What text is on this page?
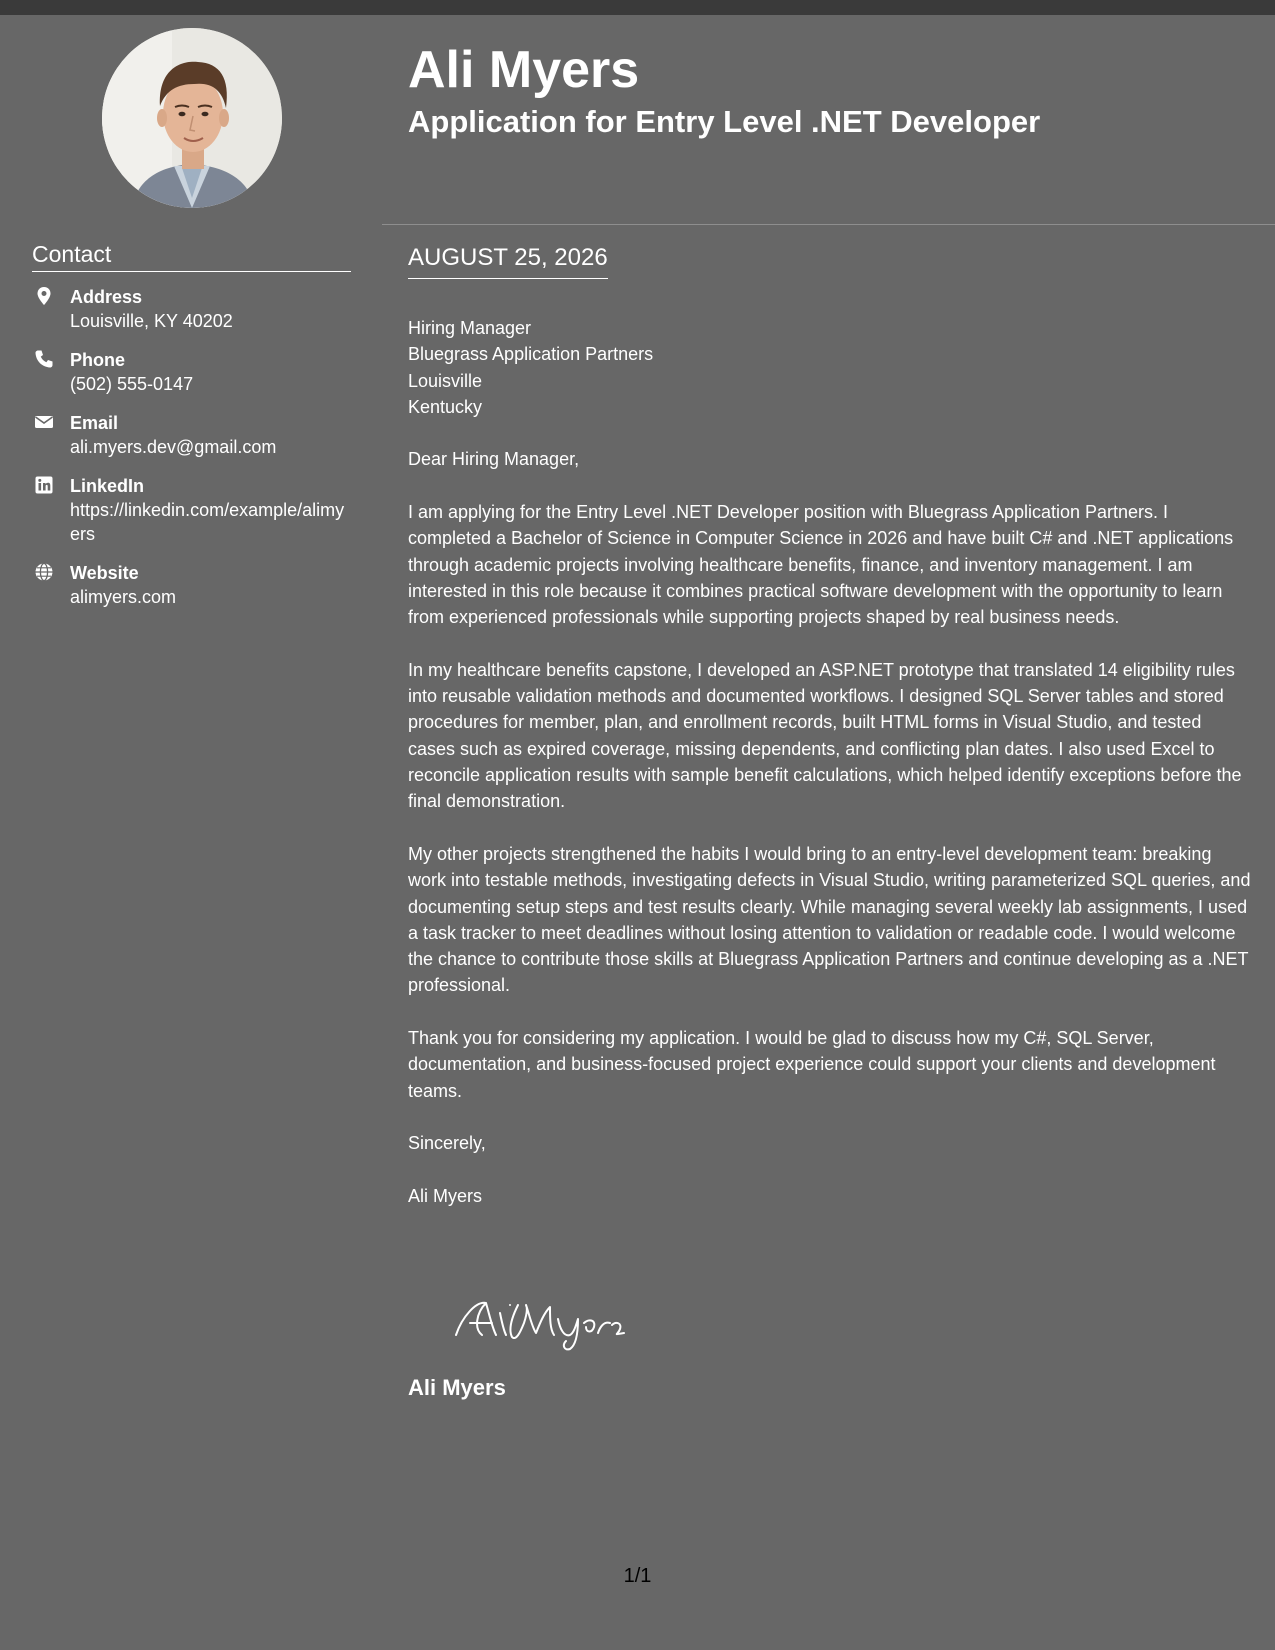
Contact
Address
Louisville, KY 40202
Phone
(502) 555-0147
Email
ali.myers.dev@gmail.com
LinkedIn
https://linkedin.com/example/alimyers
Website
alimyers.com
Ali Myers
Application for Entry Level .NET Developer
AUGUST 25, 2026

Hiring Manager
Bluegrass Application Partners
Louisville
Kentucky

Dear Hiring Manager,

I am applying for the Entry Level .NET Developer position with Bluegrass Application Partners. I completed a Bachelor of Science in Computer Science in 2026 and have built C# and .NET applications through academic projects involving healthcare benefits, finance, and inventory management. I am interested in this role because it combines practical software development with the opportunity to learn from experienced professionals while supporting projects shaped by real business needs.

In my healthcare benefits capstone, I developed an ASP.NET prototype that translated 14 eligibility rules into reusable validation methods and documented workflows. I designed SQL Server tables and stored procedures for member, plan, and enrollment records, built HTML forms in Visual Studio, and tested cases such as expired coverage, missing dependents, and conflicting plan dates. I also used Excel to reconcile application results with sample benefit calculations, which helped identify exceptions before the final demonstration.

My other projects strengthened the habits I would bring to an entry-level development team: breaking work into testable methods, investigating defects in Visual Studio, writing parameterized SQL queries, and documenting setup steps and test results clearly. While managing several weekly lab assignments, I used a task tracker to meet deadlines without losing attention to validation or readable code. I would welcome the chance to contribute those skills at Bluegrass Application Partners and continue developing as a .NET professional.

Thank you for considering my application. I would be glad to discuss how my C#, SQL Server, documentation, and business-focused project experience could support your clients and development teams.

Sincerely,

Ali Myers

Ali Myers
1/1
